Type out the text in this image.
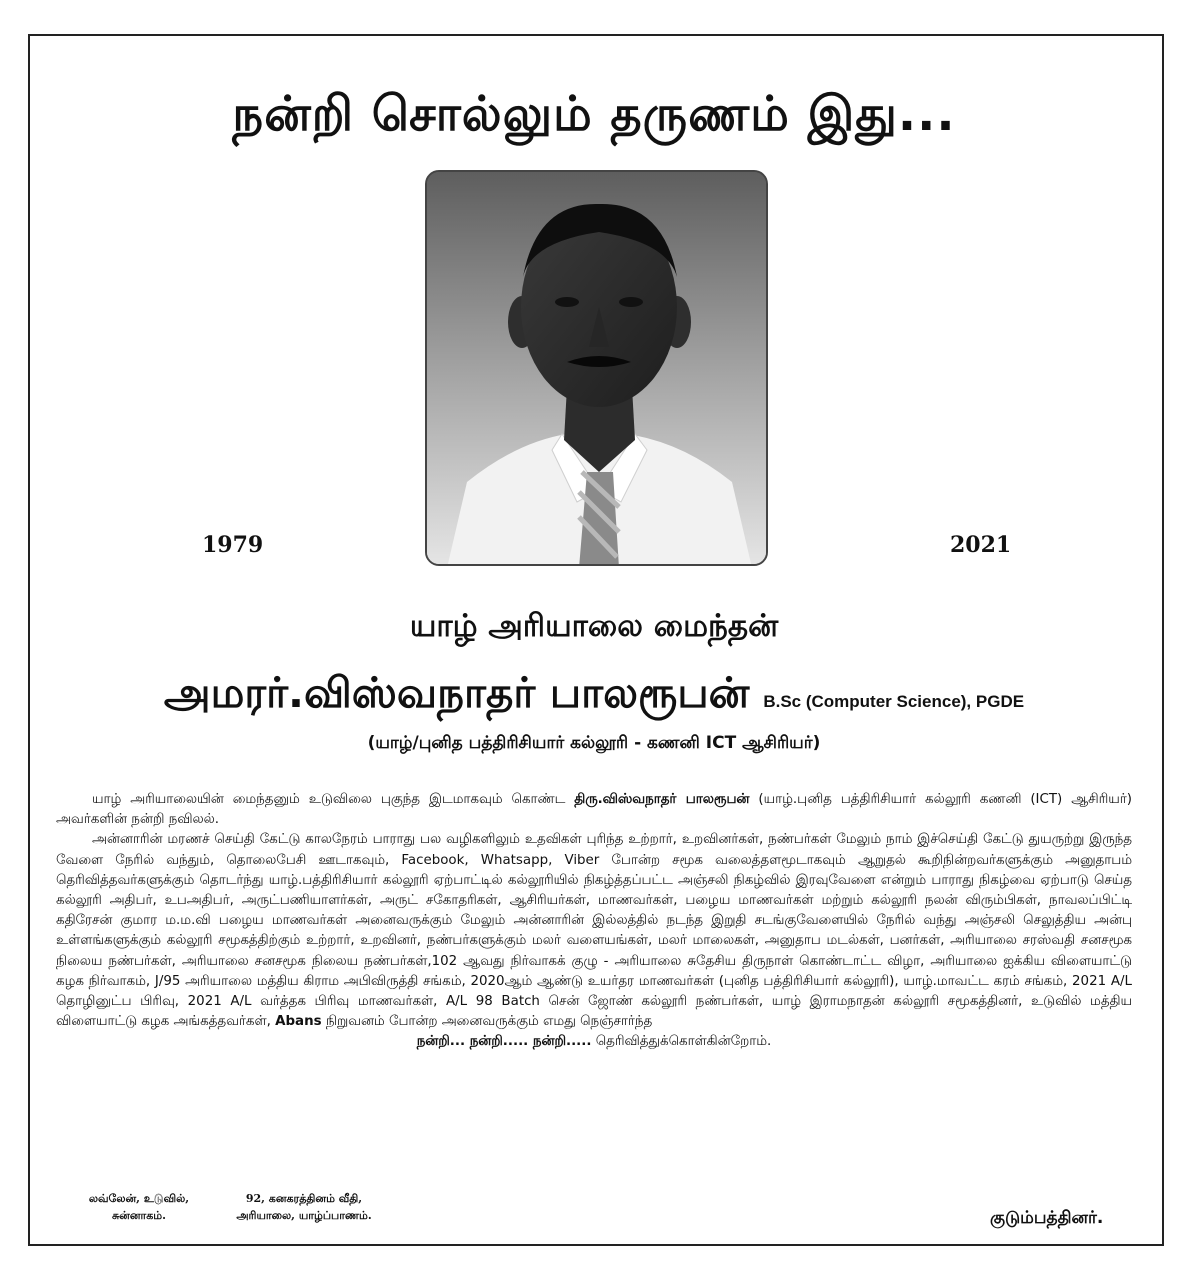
நன்றி சொல்லும் தருணம் இது...
1979	2021
யாழ் அரியாலை மைந்தன்
அமரர்.விஸ்வநாதர் பாலரூபன் B.Sc (Computer Science), PGDE
(யாழ்/புனித பத்திரிசியார் கல்லூரி - கணனி ICT ஆசிரியர்)

யாழ் அரியாலையின் மைந்தனும் உடுவிலை புகுந்த இடமாகவும் கொண்ட திரு.விஸ்வநாதர் பாலரூபன் (யாழ்.புனித பத்திரிசியார் கல்லூரி கணனி (ICT) ஆசிரியர்) அவர்களின் நன்றி நவிலல்.

அன்னாரின் மரணச் செய்தி கேட்டு காலநேரம் பாராது பல வழிகளிலும் உதவிகள் புரிந்த உற்றார், உறவினர்கள், நண்பர்கள் மேலும் நாம் இச்செய்தி கேட்டு துயருற்று இருந்த வேளை நேரில் வந்தும், தொலைபேசி ஊடாகவும், Facebook, Whatsapp, Viber போன்ற சமூக வலைத்தளமூடாகவும் ஆறுதல் கூறிநின்றவர்களுக்கும் அனுதாபம் தெரிவித்தவர்களுக்கும் தொடர்ந்து யாழ்.பத்திரிசியார் கல்லூரி ஏற்பாட்டில் கல்லூரியில் நிகழ்த்தப்பட்ட அஞ்சலி நிகழ்வில் இரவுவேளை என்றும் பாராது நிகழ்வை ஏற்பாடு செய்த கல்லூரி அதிபர், உபஅதிபர், அருட்பணியாளர்கள், அருட் சகோதரிகள், ஆசிரியர்கள், மாணவர்கள், பழைய மாணவர்கள் மற்றும் கல்லூரி நலன் விரும்பிகள், நாவலப்பிட்டி கதிரேசன் குமார ம.ம.வி பழைய மாணவர்கள் அனைவருக்கும் மேலும் அன்னாரின் இல்லத்தில் நடந்த இறுதி சடங்குவேளையில் நேரில் வந்து அஞ்சலி செலுத்திய அன்பு உள்ளங்களுக்கும் கல்லூரி சமூகத்திற்கும் உற்றார், உறவினர், நண்பர்களுக்கும் மலர் வளையங்கள், மலர் மாலைகள், அனுதாப மடல்கள், பனர்கள், அரியாலை சரஸ்வதி சனசமூக நிலைய நண்பர்கள், அரியாலை சனசமூக நிலைய நண்பர்கள்,102 ஆவது நிர்வாகக் குழு - அரியாலை சுதேசிய திருநாள் கொண்டாட்ட விழா, அரியாலை ஐக்கிய விளையாட்டு கழக நிர்வாகம், J/95 அரியாலை மத்திய கிராம அபிவிருத்தி சங்கம், 2020ஆம் ஆண்டு உயர்தர மாணவர்கள் (புனித பத்திரிசியார் கல்லூரி), யாழ்.மாவட்ட கரம் சங்கம், 2021 A/L தொழினுட்ப பிரிவு, 2021 A/L வர்த்தக பிரிவு மாணவர்கள், A/L 98 Batch சென் ஜோண் கல்லூரி நண்பர்கள், யாழ் இராமநாதன் கல்லூரி சமூகத்தினர், உடுவில் மத்திய விளையாட்டு கழக அங்கத்தவர்கள், Abans நிறுவனம் போன்ற அனைவருக்கும் எமது நெஞ்சார்ந்த

நன்றி... நன்றி..... நன்றி..... தெரிவித்துக்கொள்கின்றோம்.

லவ்லேன், உடுவில்,
சுன்னாகம்.
92, கனகரத்தினம் வீதி,
அரியாலை, யாழ்ப்பாணம்.	குடும்பத்தினர்.
